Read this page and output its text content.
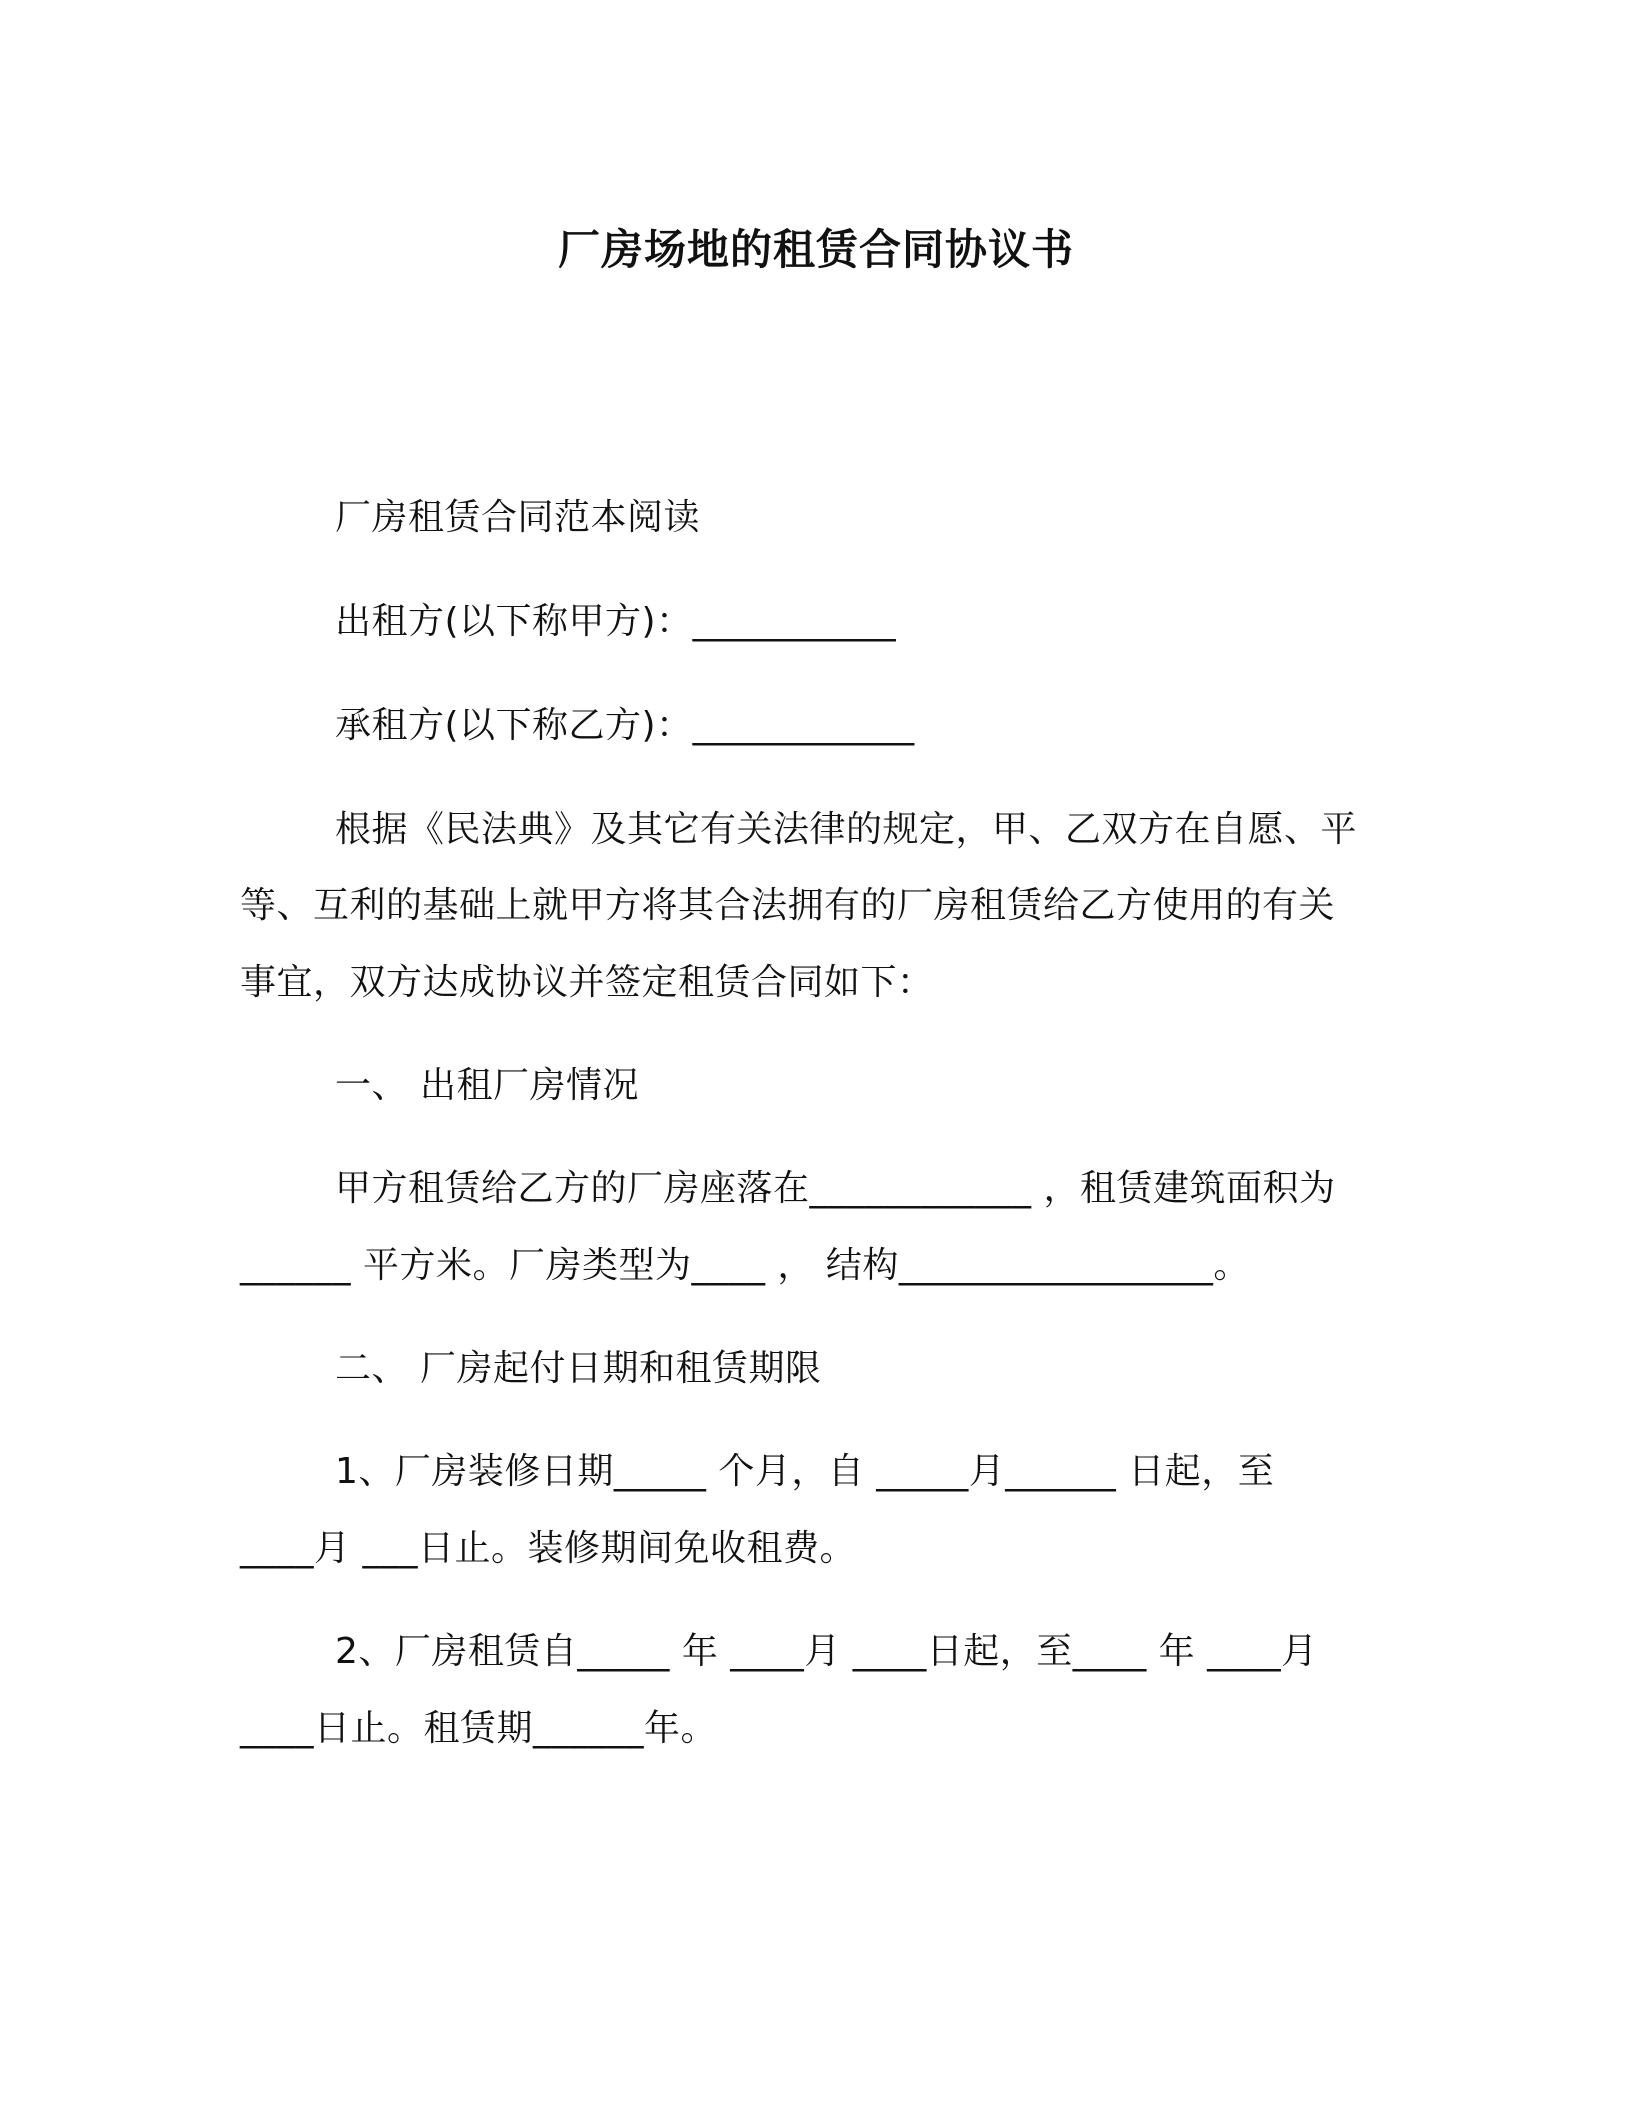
厂房场地的租赁合同协议书
厂房租赁合同范本阅读
出租方(以下称甲方)：___________
承租方(以下称乙方)：____________
根据《民法典》及其它有关法律的规定，甲、乙双方在自愿、平
等、互利的基础上就甲方将其合法拥有的厂房租赁给乙方使用的有关
事宜，双方达成协议并签定租赁合同如下：
一、 出租厂房情况
甲方租赁给乙方的厂房座落在____________ ，租赁建筑面积为
______ 平方米。厂房类型为____ ， 结构_________________。
二、 厂房起付日期和租赁期限
1、厂房装修日期_____ 个月，自 _____月______ 日起，至
____月 ___日止。装修期间免收租费。
2、厂房租赁自_____ 年 ____月 ____日起，至____ 年 ____月
____日止。租赁期______年。
